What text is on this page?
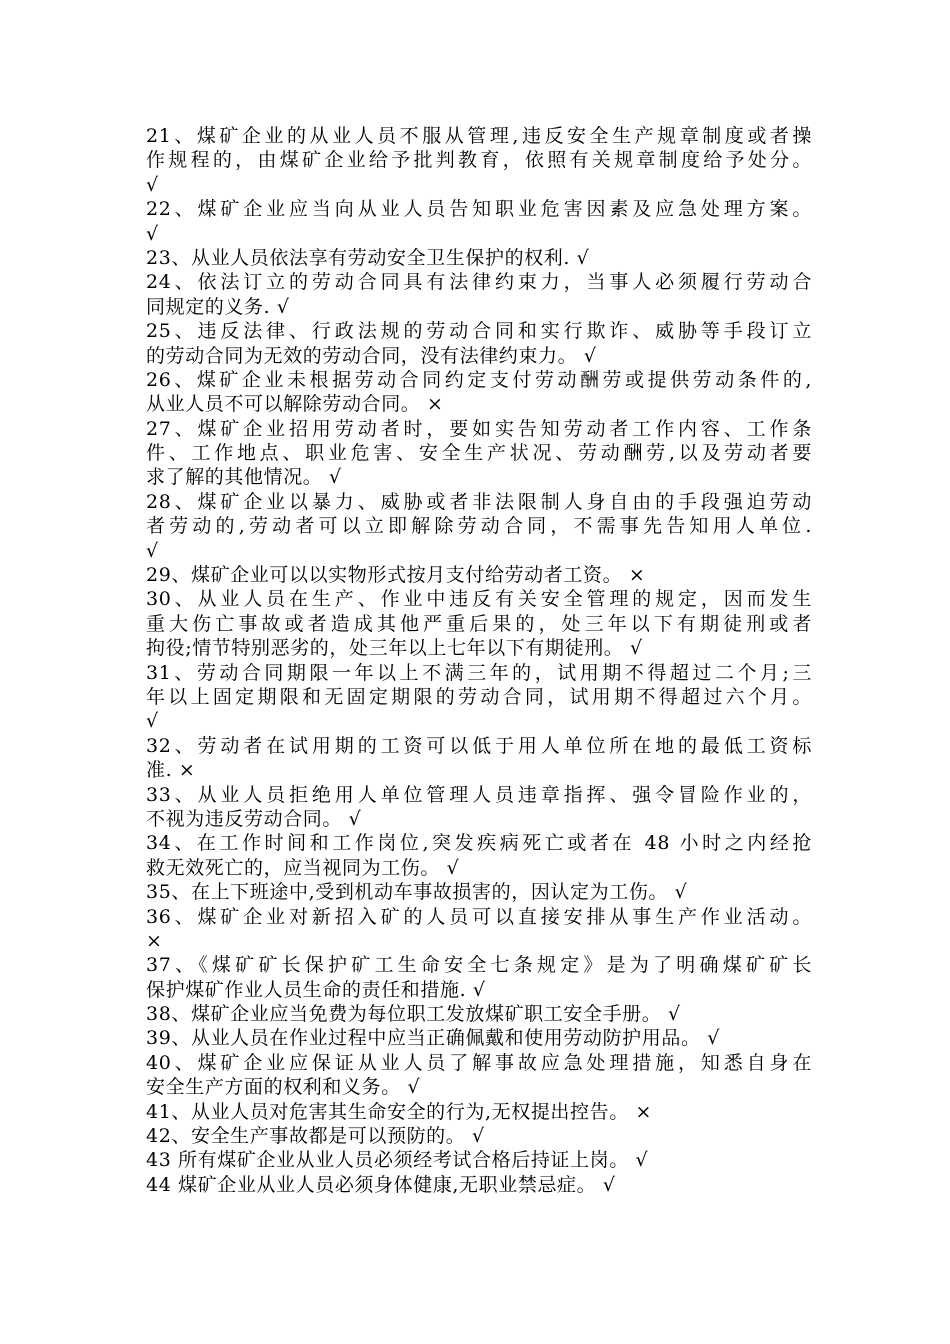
21、煤矿企业的从业人员不服从管理,违反安全生产规章制度或者操
作规程的，由煤矿企业给予批判教育，依照有关规章制度给予处分。
√
22、煤矿企业应当向从业人员告知职业危害因素及应急处理方案。
√
23、从业人员依法享有劳动安全卫生保护的权利. √
24、依法订立的劳动合同具有法律约束力，当事人必须履行劳动合
同规定的义务. √
25、违反法律、行政法规的劳动合同和实行欺诈、威胁等手段订立
的劳动合同为无效的劳动合同，没有法律约束力。 √
26、煤矿企业未根据劳动合同约定支付劳动酬劳或提供劳动条件的,
从业人员不可以解除劳动合同。 ×
27、煤矿企业招用劳动者时，要如实告知劳动者工作内容、工作条
件、工作地点、职业危害、安全生产状况、劳动酬劳,以及劳动者要
求了解的其他情况。 √
28、煤矿企业以暴力、威胁或者非法限制人身自由的手段强迫劳动
者劳动的,劳动者可以立即解除劳动合同，不需事先告知用人单位.
√
29、煤矿企业可以以实物形式按月支付给劳动者工资。 ×
30、从业人员在生产、作业中违反有关安全管理的规定，因而发生
重大伤亡事故或者造成其他严重后果的，处三年以下有期徒刑或者
拘役;情节特别恶劣的，处三年以上七年以下有期徒刑。 √
31、劳动合同期限一年以上不满三年的，试用期不得超过二个月;三
年以上固定期限和无固定期限的劳动合同，试用期不得超过六个月。
√
32、劳动者在试用期的工资可以低于用人单位所在地的最低工资标
准. ×
33、从业人员拒绝用人单位管理人员违章指挥、强令冒险作业的，
不视为违反劳动合同。 √
34、在工作时间和工作岗位,突发疾病死亡或者在 48 小时之内经抢
救无效死亡的，应当视同为工伤。 √
35、在上下班途中,受到机动车事故损害的，因认定为工伤。 √
36、煤矿企业对新招入矿的人员可以直接安排从事生产作业活动。
×
37、《煤矿矿长保护矿工生命安全七条规定》是为了明确煤矿矿长
保护煤矿作业人员生命的责任和措施. √
38、煤矿企业应当免费为每位职工发放煤矿职工安全手册。 √
39、从业人员在作业过程中应当正确佩戴和使用劳动防护用品。 √
40、煤矿企业应保证从业人员了解事故应急处理措施，知悉自身在
安全生产方面的权利和义务。 √
41、从业人员对危害其生命安全的行为,无权提出控告。 ×
42、安全生产事故都是可以预防的。 √
43 所有煤矿企业从业人员必须经考试合格后持证上岗。 √
44 煤矿企业从业人员必须身体健康,无职业禁忌症。 √
